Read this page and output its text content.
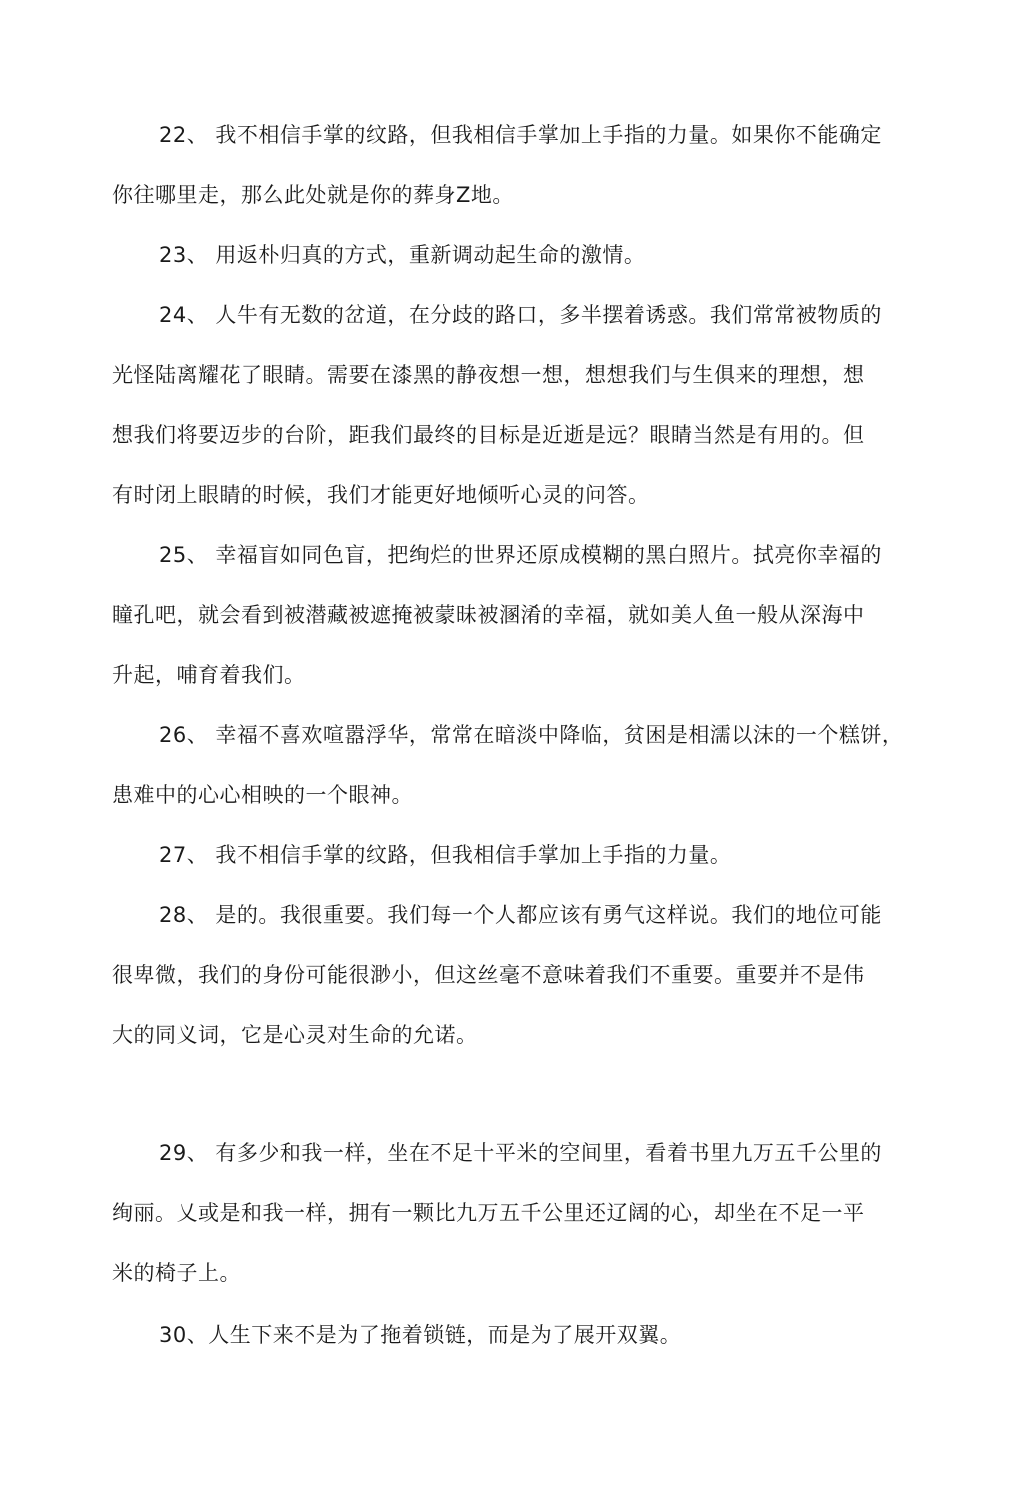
22、 我不相信手掌的纹路，但我相信手掌加上手指的力量。如果你不能确定
你往哪里走，那么此处就是你的葬身Z地。
23、 用返朴归真的方式，重新调动起生命的激情。
24、 人牛有无数的岔道，在分歧的路口，多半摆着诱惑。我们常常被物质的
光怪陆离耀花了眼睛。需要在漆黑的静夜想一想，想想我们与生俱来的理想，想
想我们将要迈步的台阶，距我们最终的目标是近逝是远？眼睛当然是有用的。但
有时闭上眼睛的时候，我们才能更好地倾听心灵的问答。
25、 幸福盲如同色盲，把绚烂的世界还原成模糊的黑白照片。拭亮你幸福的
瞳孔吧，就会看到被潜藏被遮掩被蒙昧被溷淆的幸福，就如美人鱼一般从深海中
升起，哺育着我们。
26、 幸福不喜欢喧嚣浮华，常常在暗淡中降临，贫困是相濡以沫的一个糕饼，
患难中的心心相映的一个眼神。
27、 我不相信手掌的纹路，但我相信手掌加上手指的力量。
28、 是的。我很重要。我们每一个人都应该有勇气这样说。我们的地位可能
很卑微，我们的身份可能很渺小，但这丝毫不意味着我们不重要。重要并不是伟
大的同义词，它是心灵对生命的允诺。
29、 有多少和我一样，坐在不足十平米的空间里，看着书里九万五千公里的
绚丽。乂或是和我一样，拥有一颗比九万五千公里还辽阔的心，却坐在不足一平
米的椅子上。
30、人生下来不是为了拖着锁链，而是为了展开双翼。
